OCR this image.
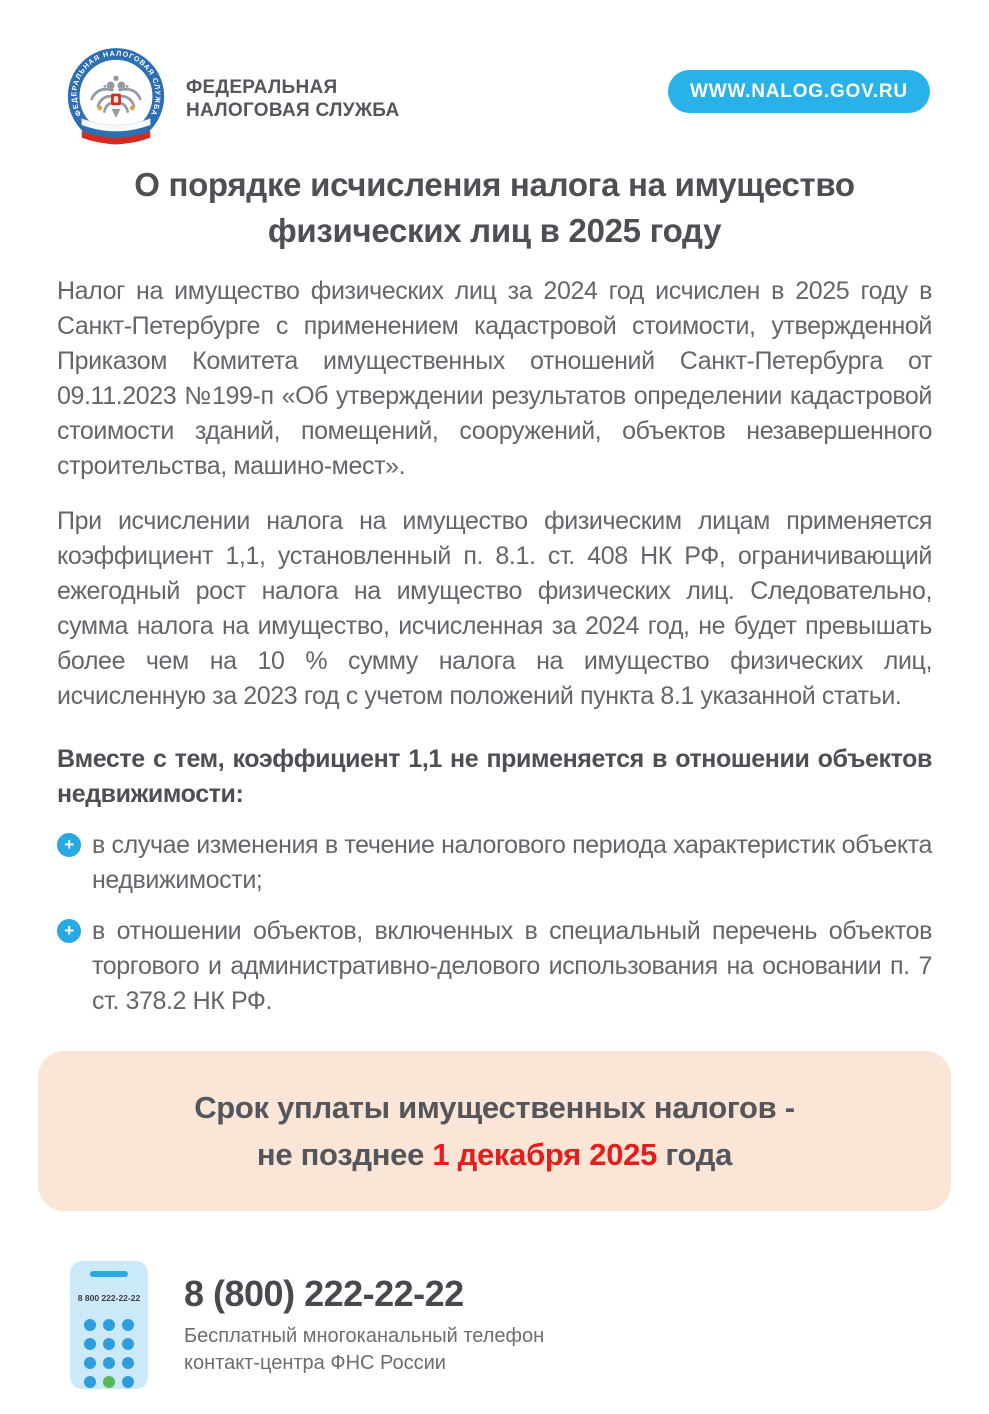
ФЕДЕРАЛЬНАЯ НАЛОГОВАЯ СЛУЖБА
ФЕДЕРАЛЬНАЯ
НАЛОГОВАЯ СЛУЖБА
WWW.NALOG.GOV.RU
О порядке исчисления налога на имущество
физических лиц в 2025 году

Налог на имущество физических лиц за 2024 год исчислен в 2025 году в Санкт-Петербурге с применением кадастровой стоимости, утвержденной Приказом Комитета имущественных отношений Санкт-Петербурга от 09.11.2023 №199-п «Об утверждении результатов определении кадастровой стоимости зданий, помещений, сооружений, объектов незавершенного строительства, машино-мест».

При исчислении налога на имущество физическим лицам применяется коэффициент 1,1, установленный п. 8.1. ст. 408 НК РФ, ограничивающий ежегодный рост налога на имущество физических лиц. Следовательно, сумма налога на имущество, исчисленная за 2024 год, не будет превышать более чем на 10 % сумму налога на имущество физических лиц, исчисленную за 2023 год с учетом положений пункта 8.1 указанной статьи.

Вместе с тем, коэффициент 1,1 не применяется в отношении объектов недвижимости:

+ в случае изменения в течение налогового периода характеристик объекта недвижимости;
+ в отношении объектов, включенных в специальный перечень объектов торгового и административно-делового использования на основании п. 7 ст. 378.2 НК РФ.
Срок уплаты имущественных налогов -
не позднее 1 декабря 2025 года
8 800 222-22-22 8 (800) 222-22-22
Бесплатный многоканальный телефон
контакт-центра ФНС России
